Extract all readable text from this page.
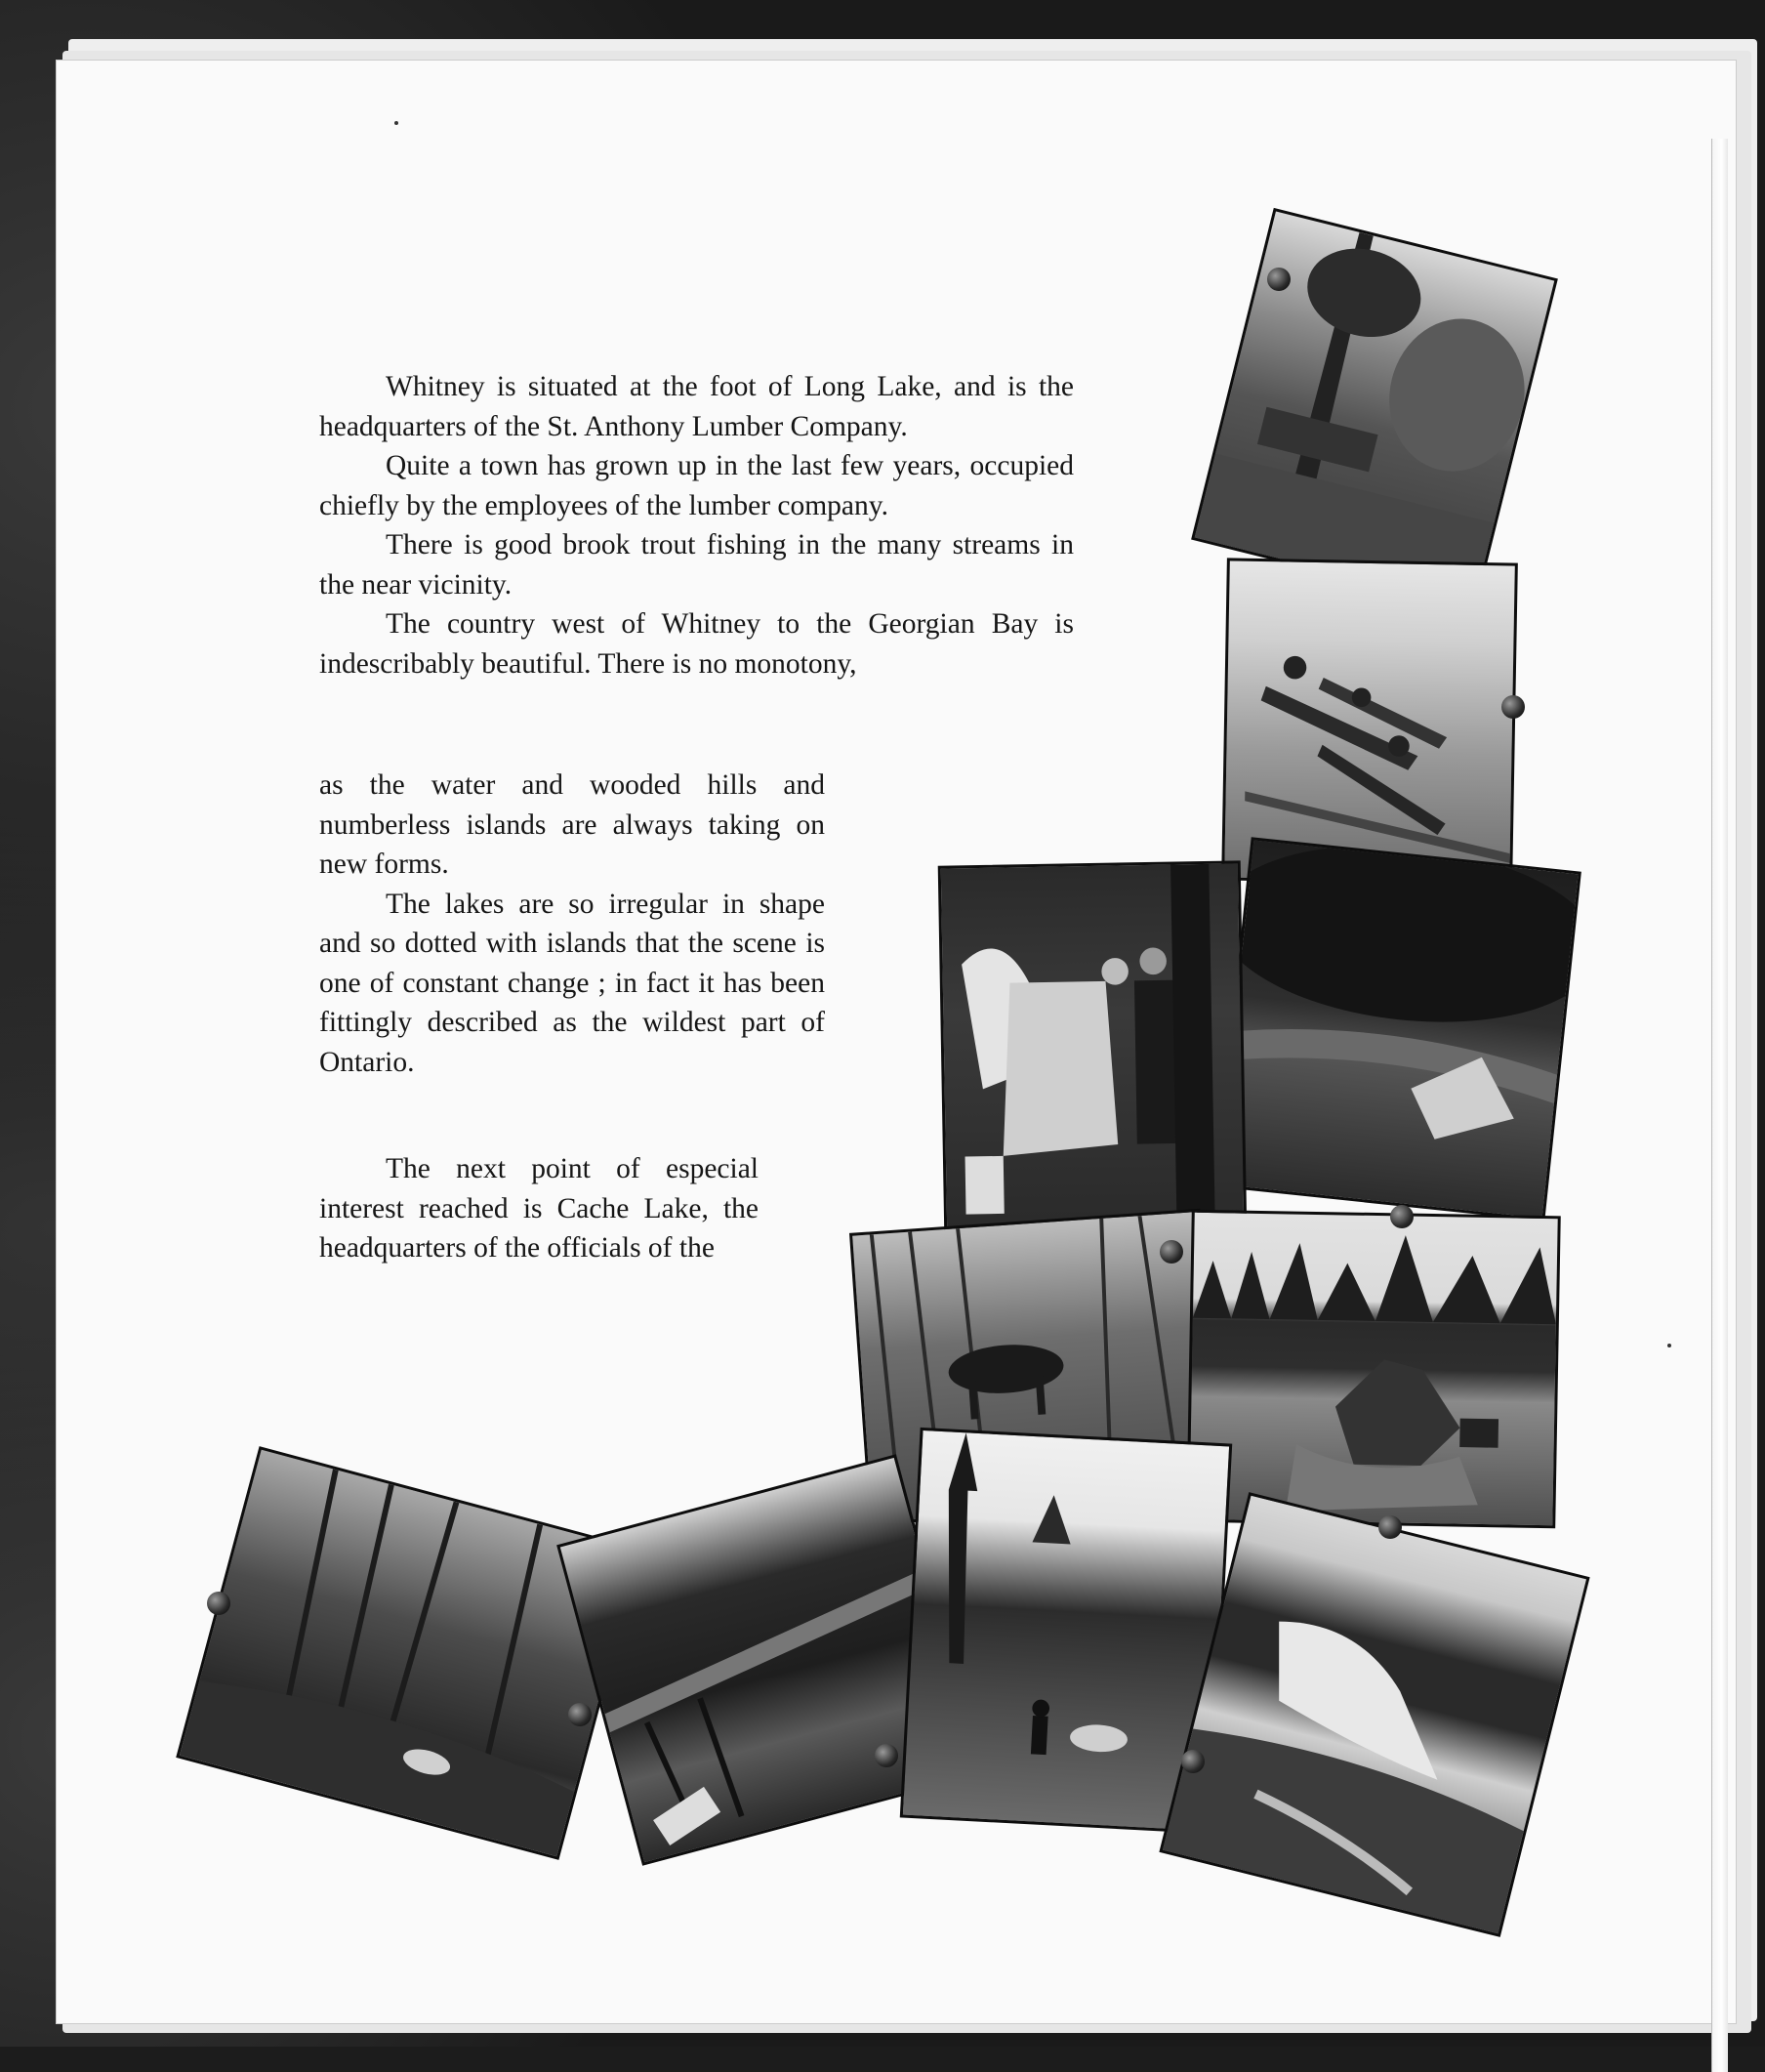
Whitney is situated at the foot of Long Lake, and is the headquarters of the St. Anthony Lumber Company.

Quite a town has grown up in the last few years, occupied chiefly by the employees of the lumber company.

There is good brook trout fishing in the many streams in the near vicinity.

The country west of Whitney to the Georgian Bay is indescribably beautiful. There is no monotony,

as the water and wooded hills and numberless islands are always taking on new forms.

The lakes are so irregular in shape and so dotted with islands that the scene is one of constant change ; in fact it has been fittingly described as the wildest part of Ontario.

The next point of especial interest reached is Cache Lake, the headquarters of the officials of the
